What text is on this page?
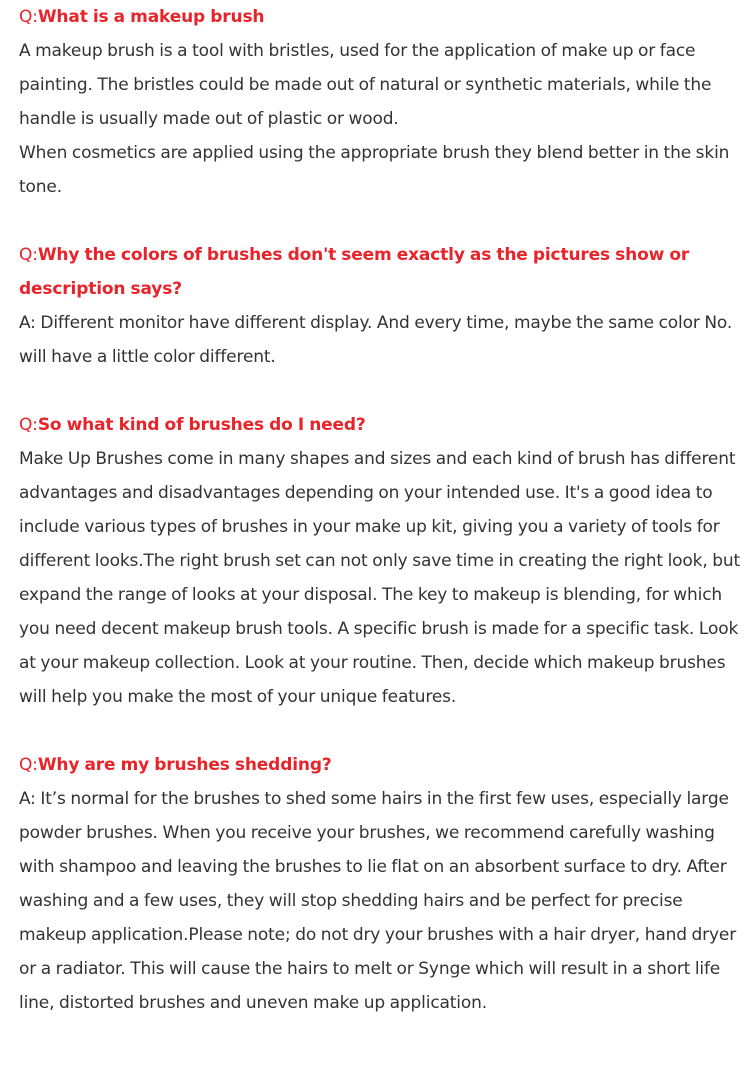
Q:What is a makeup brush

A makeup brush is a tool with bristles, used for the application of make up or face painting. The bristles could be made out of natural or synthetic materials, while the handle is usually made out of plastic or wood.

When cosmetics are applied using the appropriate brush they blend better in the skin tone.

Q:Why the colors of brushes don't seem exactly as the pictures show or description says?

A: Different monitor have different display. And every time, maybe the same color No. will have a little color different.

Q:So what kind of brushes do I need?

Make Up Brushes come in many shapes and sizes and each kind of brush has different advantages and disadvantages depending on your intended use. It's a good idea to include various types of brushes in your make up kit, giving you a variety of tools for different looks.The right brush set can not only save time in creating the right look, but expand the range of looks at your disposal. The key to makeup is blending, for which you need decent makeup brush tools. A specific brush is made for a specific task. Look at your makeup collection. Look at your routine. Then, decide which makeup brushes will help you make the most of your unique features.

Q:Why are my brushes shedding?

A: It’s normal for the brushes to shed some hairs in the first few uses, especially large powder brushes. When you receive your brushes, we recommend carefully washing with shampoo and leaving the brushes to lie flat on an absorbent surface to dry. After washing and a few uses, they will stop shedding hairs and be perfect for precise makeup application.Please note; do not dry your brushes with a hair dryer, hand dryer or a radiator. This will cause the hairs to melt or Synge which will result in a short life line, distorted brushes and uneven make up application.
